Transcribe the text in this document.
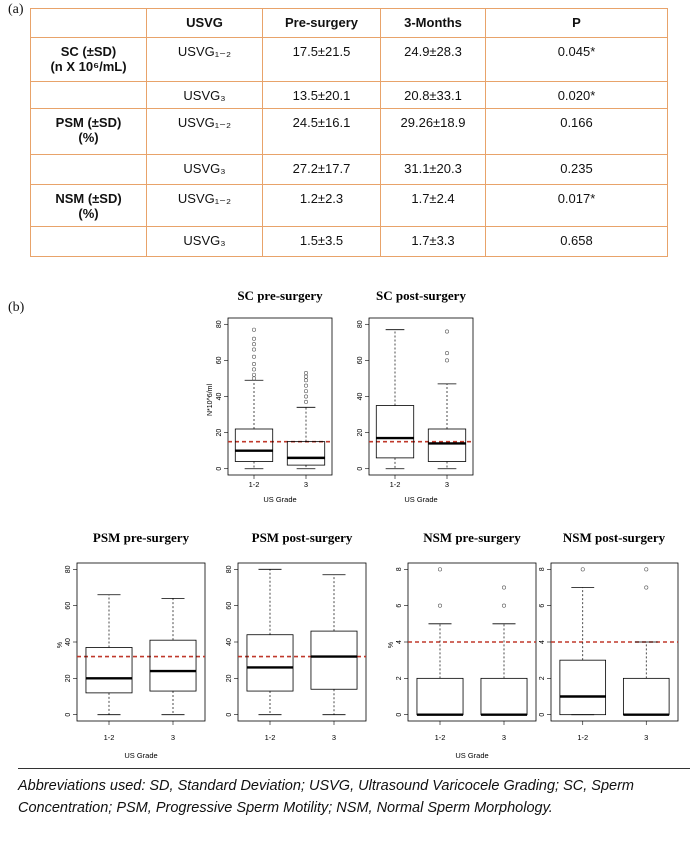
(a)
(b)
	USVG	Pre-surgery	3-Months	P
SC (±SD)
(n X 10⁶/mL)	USVG₁₋₂	17.5±21.5	24.9±28.3	0.045*
	USVG₃	13.5±20.1	20.8±33.1	0.020*
PSM (±SD)
(%)	USVG₁₋₂	24.5±16.1	29.26±18.9	0.166
	USVG₃	27.2±17.7	31.1±20.3	0.235
NSM (±SD)
(%)	USVG₁₋₂	1.2±2.3	1.7±2.4	0.017*
	USVG₃	1.5±3.5	1.7±3.3	0.658
SC pre-surgery
0
20
40
60
80
N*10^6/ml
1-2	3
US Grade
SC post-surgery
0
20
40
60
80
1-2	3
US Grade
PSM pre-surgery
0
20
40
60
80
%
1-2	3
US Grade
PSM post-surgery
0
20
40
60
80
1-2	3
NSM pre-surgery
0
2
4
6
8
%
1-2	3
US Grade
NSM post-surgery
0
2
4
6
8
1-2	3
Abbreviations used: SD, Standard Deviation; USVG, Ultrasound Varicocele Grading; SC, Sperm Concentration; PSM, Progressive Sperm Motility; NSM, Normal Sperm Morphology.
